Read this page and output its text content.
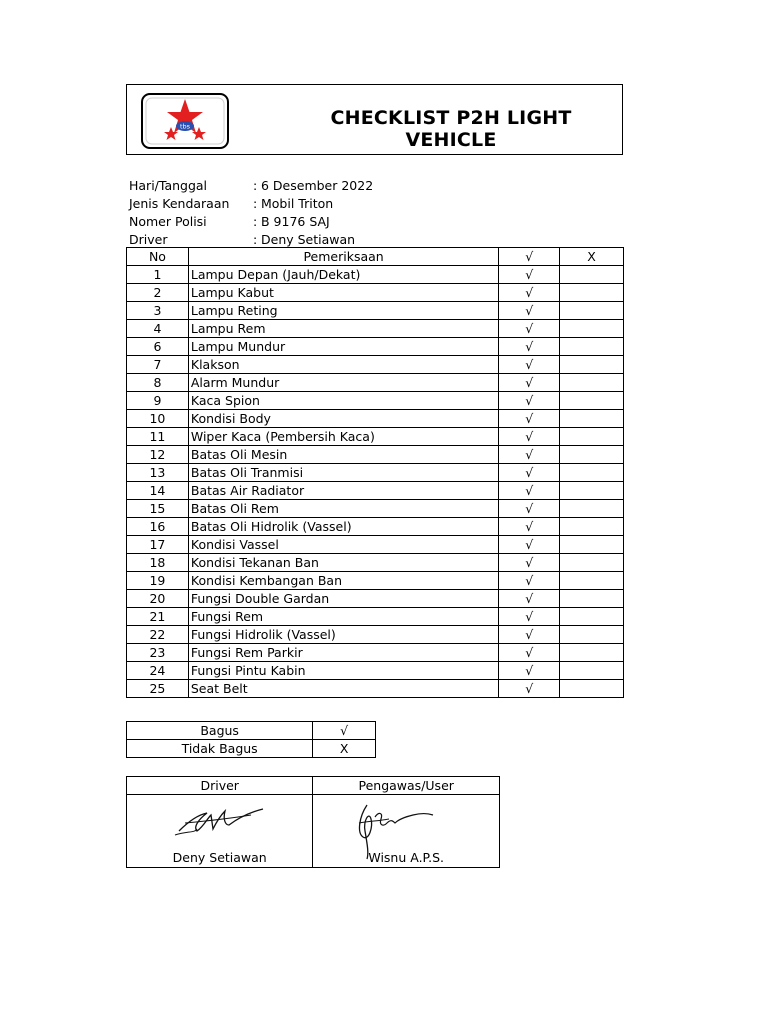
tbs	CHECKLIST P2H LIGHT VEHICLE
Hari/Tanggal	: 6 Desember 2022
Jenis Kendaraan : Mobil Triton
Nomer Polisi	: B 9176 SAJ
Driver	: Deny Setiawan
No	Pemeriksaan	√	X
1	Lampu Depan (Jauh/Dekat)	√	
2	Lampu Kabut	√	
3	Lampu Reting	√	
4	Lampu Rem	√	
6	Lampu Mundur	√	
7	Klakson	√	
8	Alarm Mundur	√	
9	Kaca Spion	√	
10	Kondisi Body	√	
11	Wiper Kaca (Pembersih Kaca)	√	
12	Batas Oli Mesin	√	
13	Batas Oli Tranmisi	√	
14	Batas Air Radiator	√	
15	Batas Oli Rem	√	
16	Batas Oli Hidrolik (Vassel)	√	
17	Kondisi Vassel	√	
18	Kondisi Tekanan Ban	√	
19	Kondisi Kembangan Ban	√	
20	Fungsi Double Gardan	√	
21	Fungsi Rem	√	
22	Fungsi Hidrolik (Vassel)	√	
23	Fungsi Rem Parkir	√	
24	Fungsi Pintu Kabin	√	
25	Seat Belt	√	
Bagus	√
Tidak Bagus	X
Driver	Pengawas/User

Deny Setiawan	Wisnu A.P.S.
